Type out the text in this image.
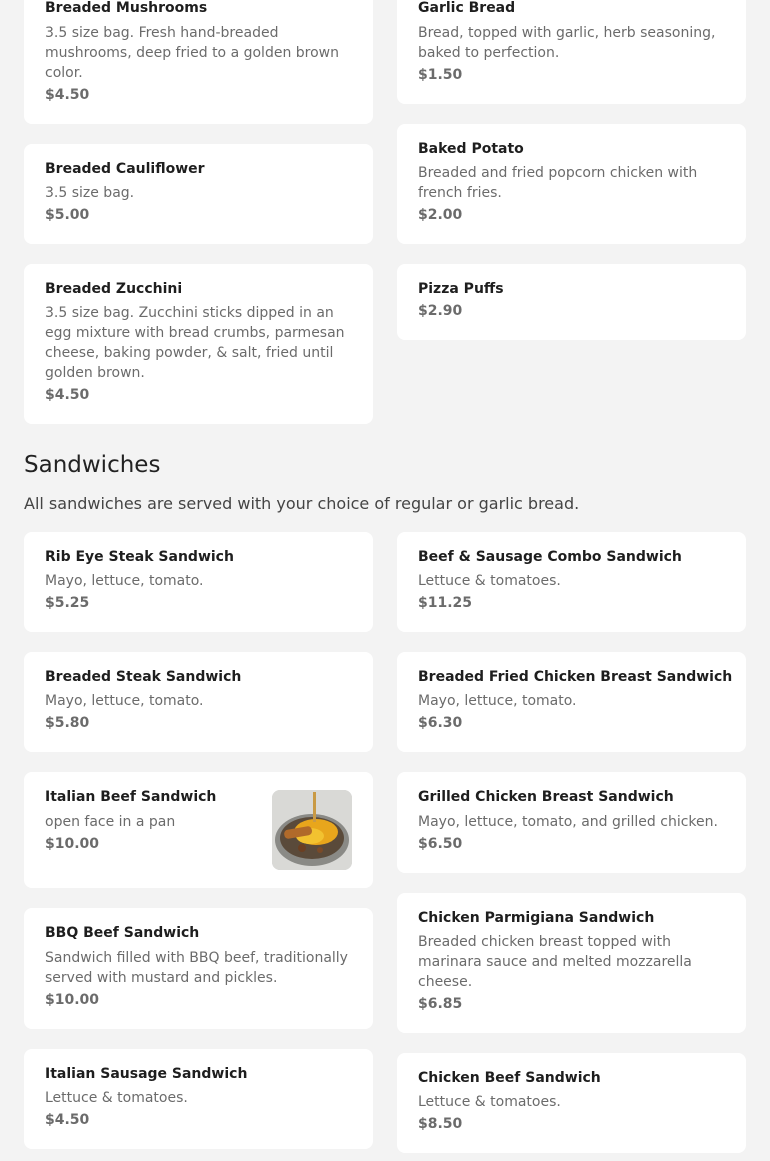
Breaded Mushrooms
3.5 size bag. Fresh hand-breaded mushrooms, deep fried to a golden brown color.
$4.50
Breaded Cauliflower
3.5 size bag.
$5.00
Breaded Zucchini
3.5 size bag. Zucchini sticks dipped in an egg mixture with bread crumbs, parmesan cheese, baking powder, & salt, fried until golden brown.
$4.50
Garlic Bread
Bread, topped with garlic, herb seasoning, baked to perfection.
$1.50
Baked Potato
Breaded and fried popcorn chicken with french fries.
$2.00
Pizza Puffs
$2.90
Sandwiches
All sandwiches are served with your choice of regular or garlic bread.
Rib Eye Steak Sandwich
Mayo, lettuce, tomato.
$5.25
Breaded Steak Sandwich
Mayo, lettuce, tomato.
$5.80
Italian Beef Sandwich
open face in a pan
$10.00
BBQ Beef Sandwich
Sandwich filled with BBQ beef, traditionally served with mustard and pickles.
$10.00
Italian Sausage Sandwich
Lettuce & tomatoes.
$4.50
Beef & Sausage Combo Sandwich
Lettuce & tomatoes.
$11.25
Breaded Fried Chicken Breast Sandwich
Mayo, lettuce, tomato.
$6.30
Grilled Chicken Breast Sandwich
Mayo, lettuce, tomato, and grilled chicken.
$6.50
Chicken Parmigiana Sandwich
Breaded chicken breast topped with marinara sauce and melted mozzarella cheese.
$6.85
Chicken Beef Sandwich
Lettuce & tomatoes.
$8.50
